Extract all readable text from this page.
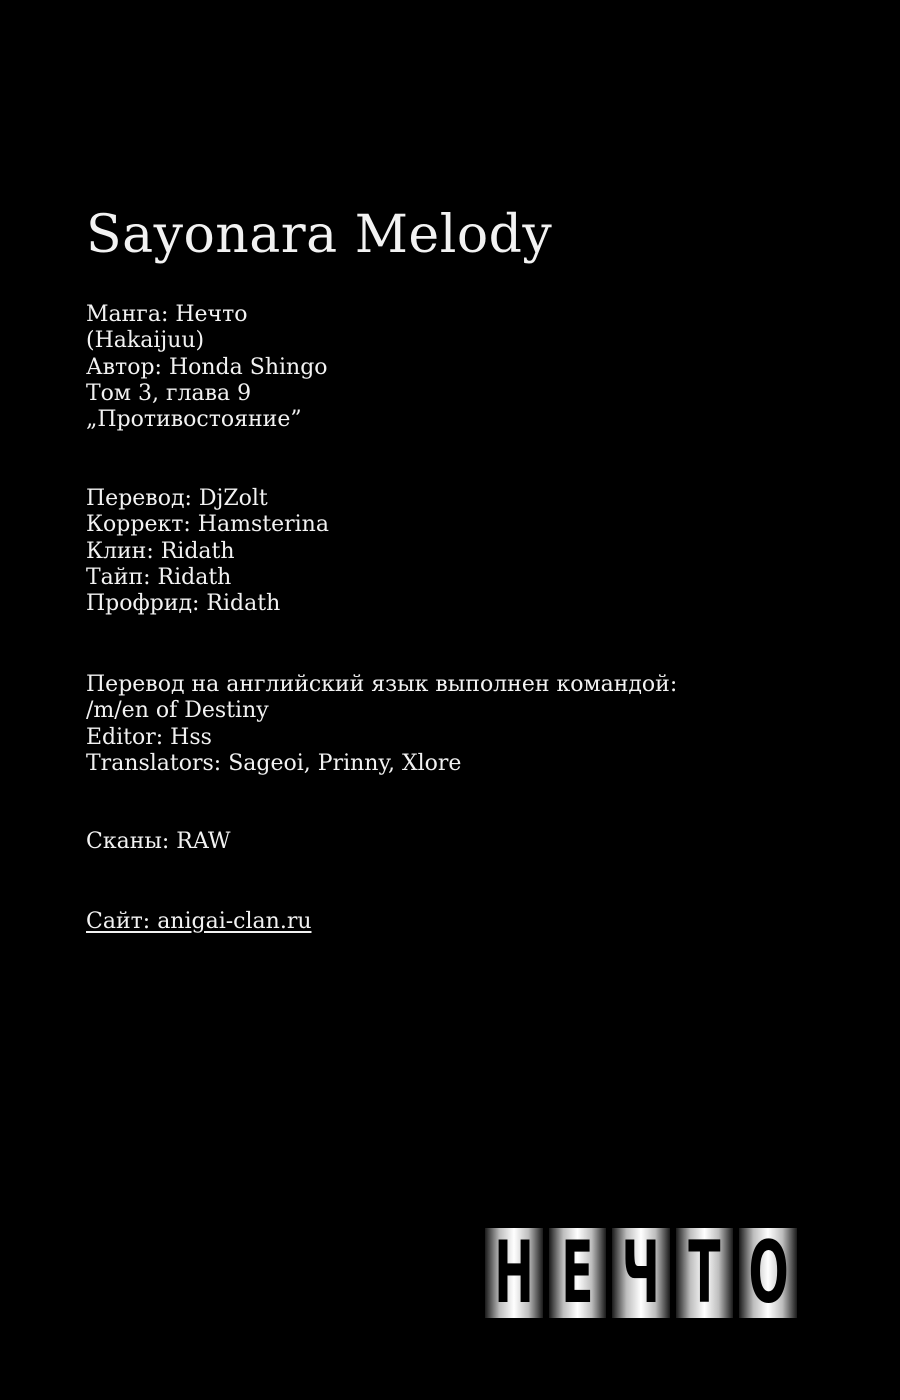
Sayonara Melody
Манга: Нечто
(Hakaijuu)
Автор: Honda Shingo
Том 3, глава 9
„Противостояние”
Перевод: DjZolt
Коррект: Hamsterina
Клин: Ridath
Тайп: Ridath
Профрид: Ridath
Перевод на английский язык выполнен командой:
/m/en of Destiny
Editor: Hss
Translators: Sageoi, Prinny, Xlore
Сканы: RAW
Сайт: anigai-clan.ru
Н Е Ч Т О
